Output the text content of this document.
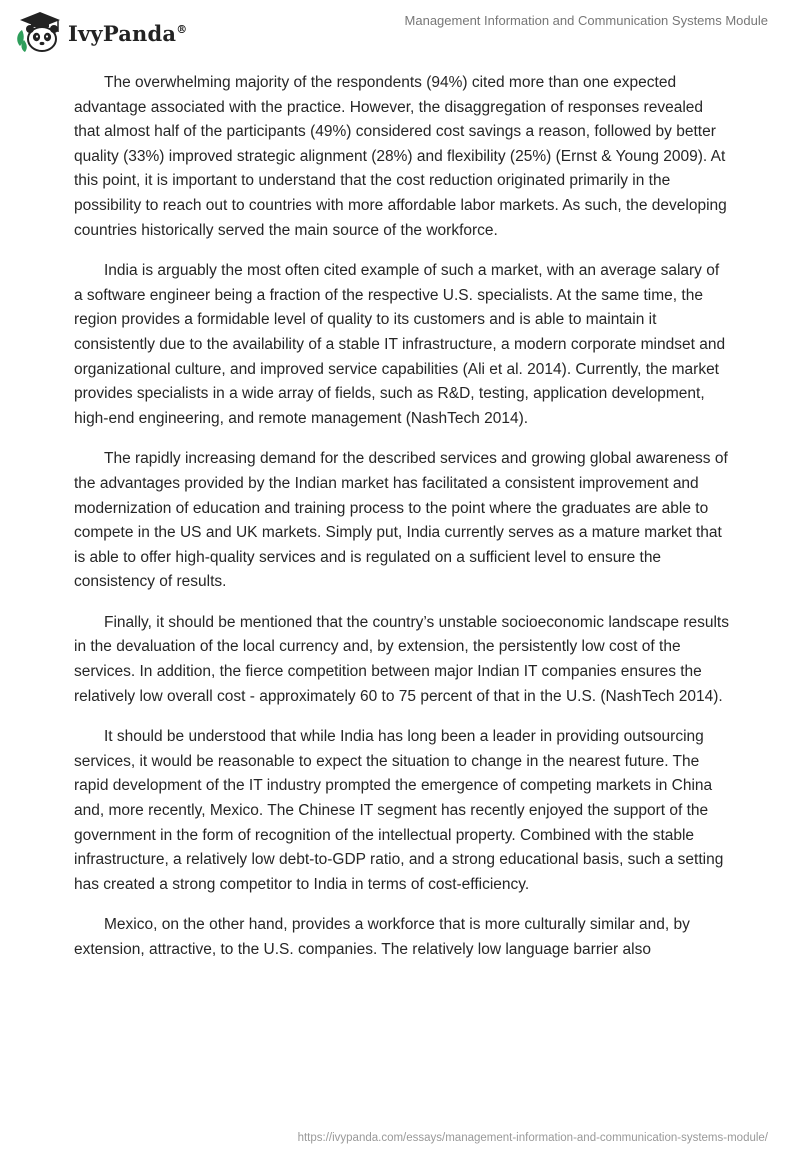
IvyPanda®
Management Information and Communication Systems Module

The overwhelming majority of the respondents (94%) cited more than one expected advantage associated with the practice. However, the disaggregation of responses revealed that almost half of the participants (49%) considered cost savings a reason, followed by better quality (33%) improved strategic alignment (28%) and flexibility (25%) (Ernst & Young 2009). At this point, it is important to understand that the cost reduction originated primarily in the possibility to reach out to countries with more affordable labor markets. As such, the developing countries historically served the main source of the workforce.

India is arguably the most often cited example of such a market, with an average salary of a software engineer being a fraction of the respective U.S. specialists. At the same time, the region provides a formidable level of quality to its customers and is able to maintain it consistently due to the availability of a stable IT infrastructure, a modern corporate mindset and organizational culture, and improved service capabilities (Ali et al. 2014). Currently, the market provides specialists in a wide array of fields, such as R&D, testing, application development, high-end engineering, and remote management (NashTech 2014).

The rapidly increasing demand for the described services and growing global awareness of the advantages provided by the Indian market has facilitated a consistent improvement and modernization of education and training process to the point where the graduates are able to compete in the US and UK markets. Simply put, India currently serves as a mature market that is able to offer high-quality services and is regulated on a sufficient level to ensure the consistency of results.

Finally, it should be mentioned that the country’s unstable socioeconomic landscape results in the devaluation of the local currency and, by extension, the persistently low cost of the services. In addition, the fierce competition between major Indian IT companies ensures the relatively low overall cost - approximately 60 to 75 percent of that in the U.S. (NashTech 2014).

It should be understood that while India has long been a leader in providing outsourcing services, it would be reasonable to expect the situation to change in the nearest future. The rapid development of the IT industry prompted the emergence of competing markets in China and, more recently, Mexico. The Chinese IT segment has recently enjoyed the support of the government in the form of recognition of the intellectual property. Combined with the stable infrastructure, a relatively low debt-to-GDP ratio, and a strong educational basis, such a setting has created a strong competitor to India in terms of cost-efficiency.

Mexico, on the other hand, provides a workforce that is more culturally similar and, by extension, attractive, to the U.S. companies. The relatively low language barrier also

https://ivypanda.com/essays/management-information-and-communication-systems-module/
